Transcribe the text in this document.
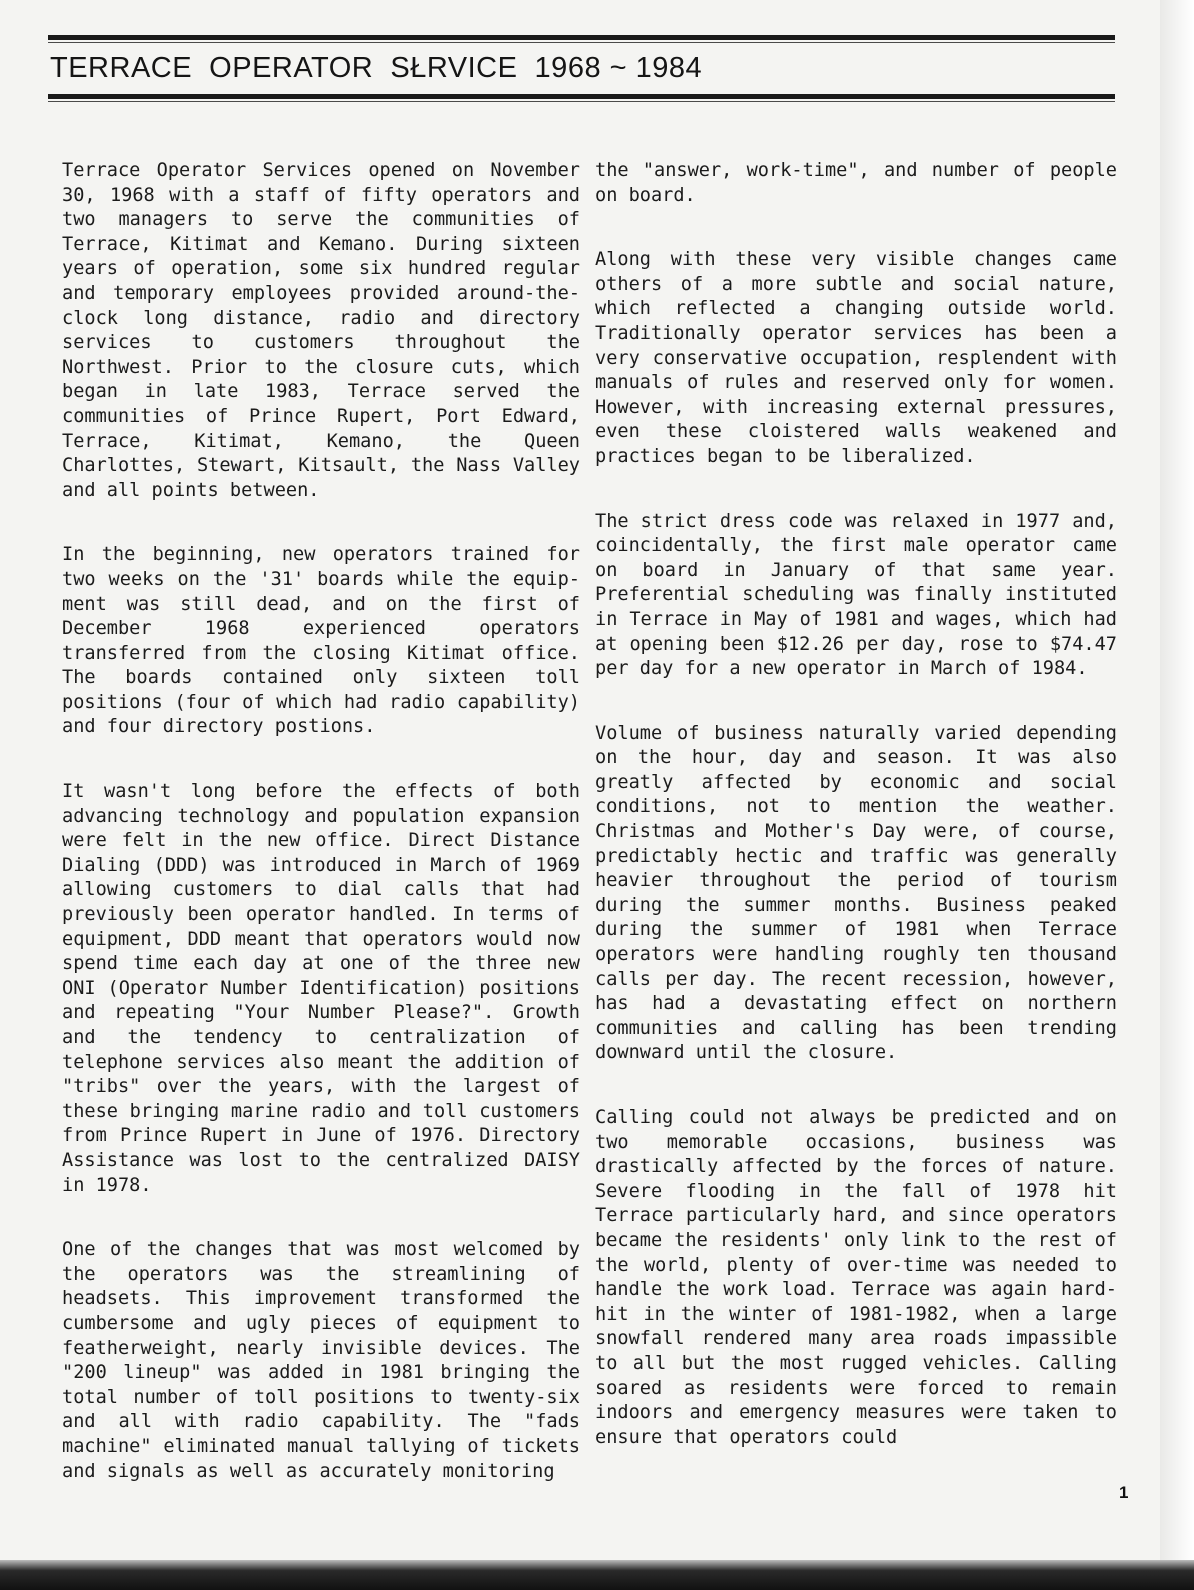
TERRACE  OPERATOR  SŁRVICE  1968 ~ 1984

Terrace Operator Services opened on November 30, 1968 with a staff of fifty operators and two managers to serve the communities of Terrace, Kitimat and Kemano. During sixteen years of operation, some six hundred regular and temporary employees provided around-the-clock long distance, radio and directory services to customers throughout the Northwest. Prior to the closure cuts, which began in late 1983, Terrace served the communities of Prince Rupert, Port Edward, Terrace, Kitimat, Kemano, the Queen Charlottes, Stewart, Kitsault, the Nass Valley and all points between.

In the beginning, new operators trained for two weeks on the '31' boards while the equipment was still dead, and on the first of December 1968 experienced operators transferred from the closing Kitimat office. The boards contained only sixteen toll positions (four of which had radio capability) and four directory postions.

It wasn't long before the effects of both advancing technology and population expansion were felt in the new office. Direct Distance Dialing (DDD) was introduced in March of 1969 allowing customers to dial calls that had previously been operator handled. In terms of equipment, DDD meant that operators would now spend time each day at one of the three new ONI (Operator Number Identification) positions and repeating "Your Number Please?". Growth and the tendency to centralization of telephone services also meant the addition of "tribs" over the years, with the largest of these bringing marine radio and toll customers from Prince Rupert in June of 1976. Directory Assistance was lost to the centralized DAISY in 1978.

One of the changes that was most welcomed by the operators was the streamlining of headsets. This improvement transformed the cumbersome and ugly pieces of equipment to featherweight, nearly invisible devices. The "200 lineup" was added in 1981 bringing the total number of toll positions to twenty-six and all with radio capability. The "fads machine" eliminated manual tallying of tickets and signals as well as accurately monitoring

the "answer, work-time", and number of people on board.

Along with these very visible changes came others of a more subtle and social nature, which reflected a changing outside world. Traditionally operator services has been a very conservative occupation, resplendent with manuals of rules and reserved only for women. However, with increasing external pressures, even these cloistered walls weakened and practices began to be liberalized.

The strict dress code was relaxed in 1977 and, coincidentally, the first male operator came on board in January of that same year. Preferential scheduling was finally instituted in Terrace in May of 1981 and wages, which had at opening been $12.26 per day, rose to $74.47 per day for a new operator in March of 1984.

Volume of business naturally varied depending on the hour, day and season. It was also greatly affected by economic and social conditions, not to mention the weather. Christmas and Mother's Day were, of course, predictably hectic and traffic was generally heavier throughout the period of tourism during the summer months. Business peaked during the summer of 1981 when Terrace operators were handling roughly ten thousand calls per day. The recent recession, however, has had a devastating effect on northern communities and calling has been trending downward until the closure.

Calling could not always be predicted and on two memorable occasions, business was drastically affected by the forces of nature. Severe flooding in the fall of 1978 hit Terrace particularly hard, and since operators became the residents' only link to the rest of the world, plenty of over-time was needed to handle the work load. Terrace was again hard-hit in the winter of 1981-1982, when a large snowfall rendered many area roads impassible to all but the most rugged vehicles. Calling soared as residents were forced to remain indoors and emergency measures were taken to ensure that operators could

1
